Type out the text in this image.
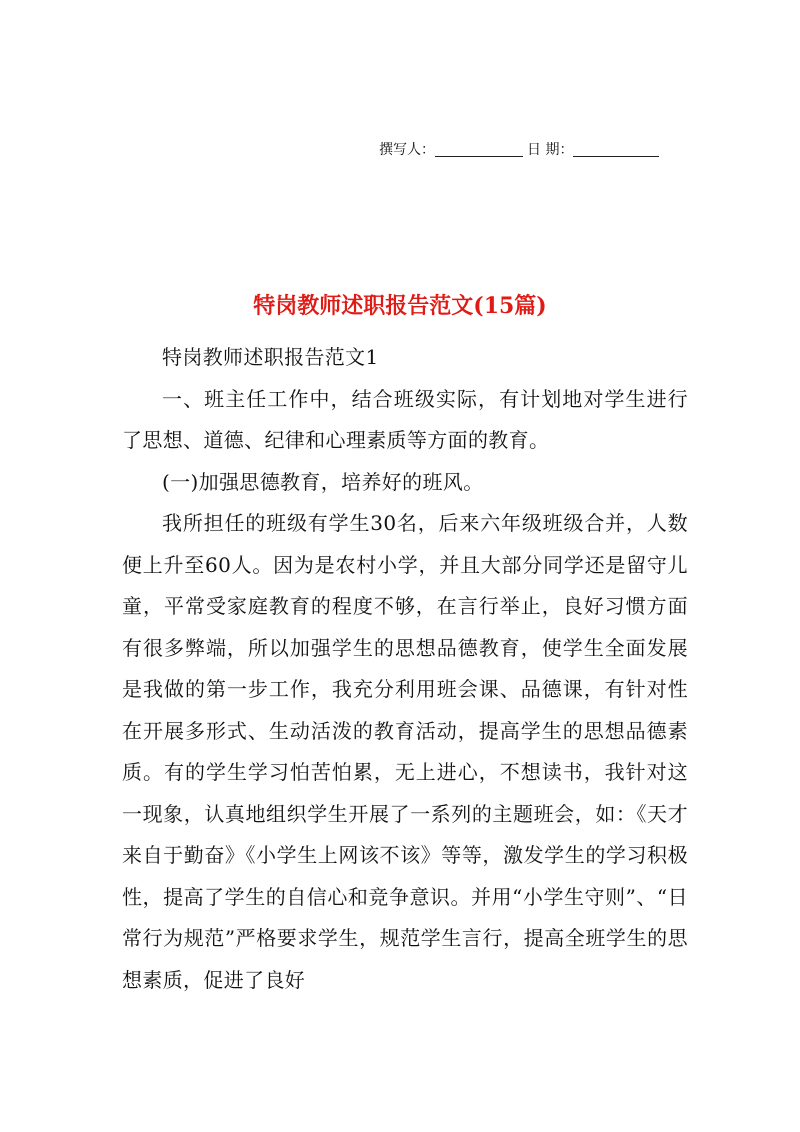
撰写人：	日 期：
特岗教师述职报告范文(15篇)

特岗教师述职报告范文1

一、班主任工作中，结合班级实际，有计划地对学生进行了思想、道德、纪律和心理素质等方面的教育。

(一)加强思德教育，培养好的班风。

我所担任的班级有学生30名，后来六年级班级合并，人数便上升至60人。因为是农村小学，并且大部分同学还是留守儿童，平常受家庭教育的程度不够，在言行举止，良好习惯方面有很多弊端，所以加强学生的思想品德教育，使学生全面发展是我做的第一步工作，我充分利用班会课、品德课，有针对性在开展多形式、生动活泼的教育活动，提高学生的思想品德素质。有的学生学习怕苦怕累，无上进心，不想读书，我针对这一现象，认真地组织学生开展了一系列的主题班会，如：《天才来自于勤奋》《小学生上网该不该》等等，激发学生的学习积极性，提高了学生的自信心和竞争意识。并用“小学生守则”、“日常行为规范”严格要求学生，规范学生言行，提高全班学生的思想素质，促进了良好
